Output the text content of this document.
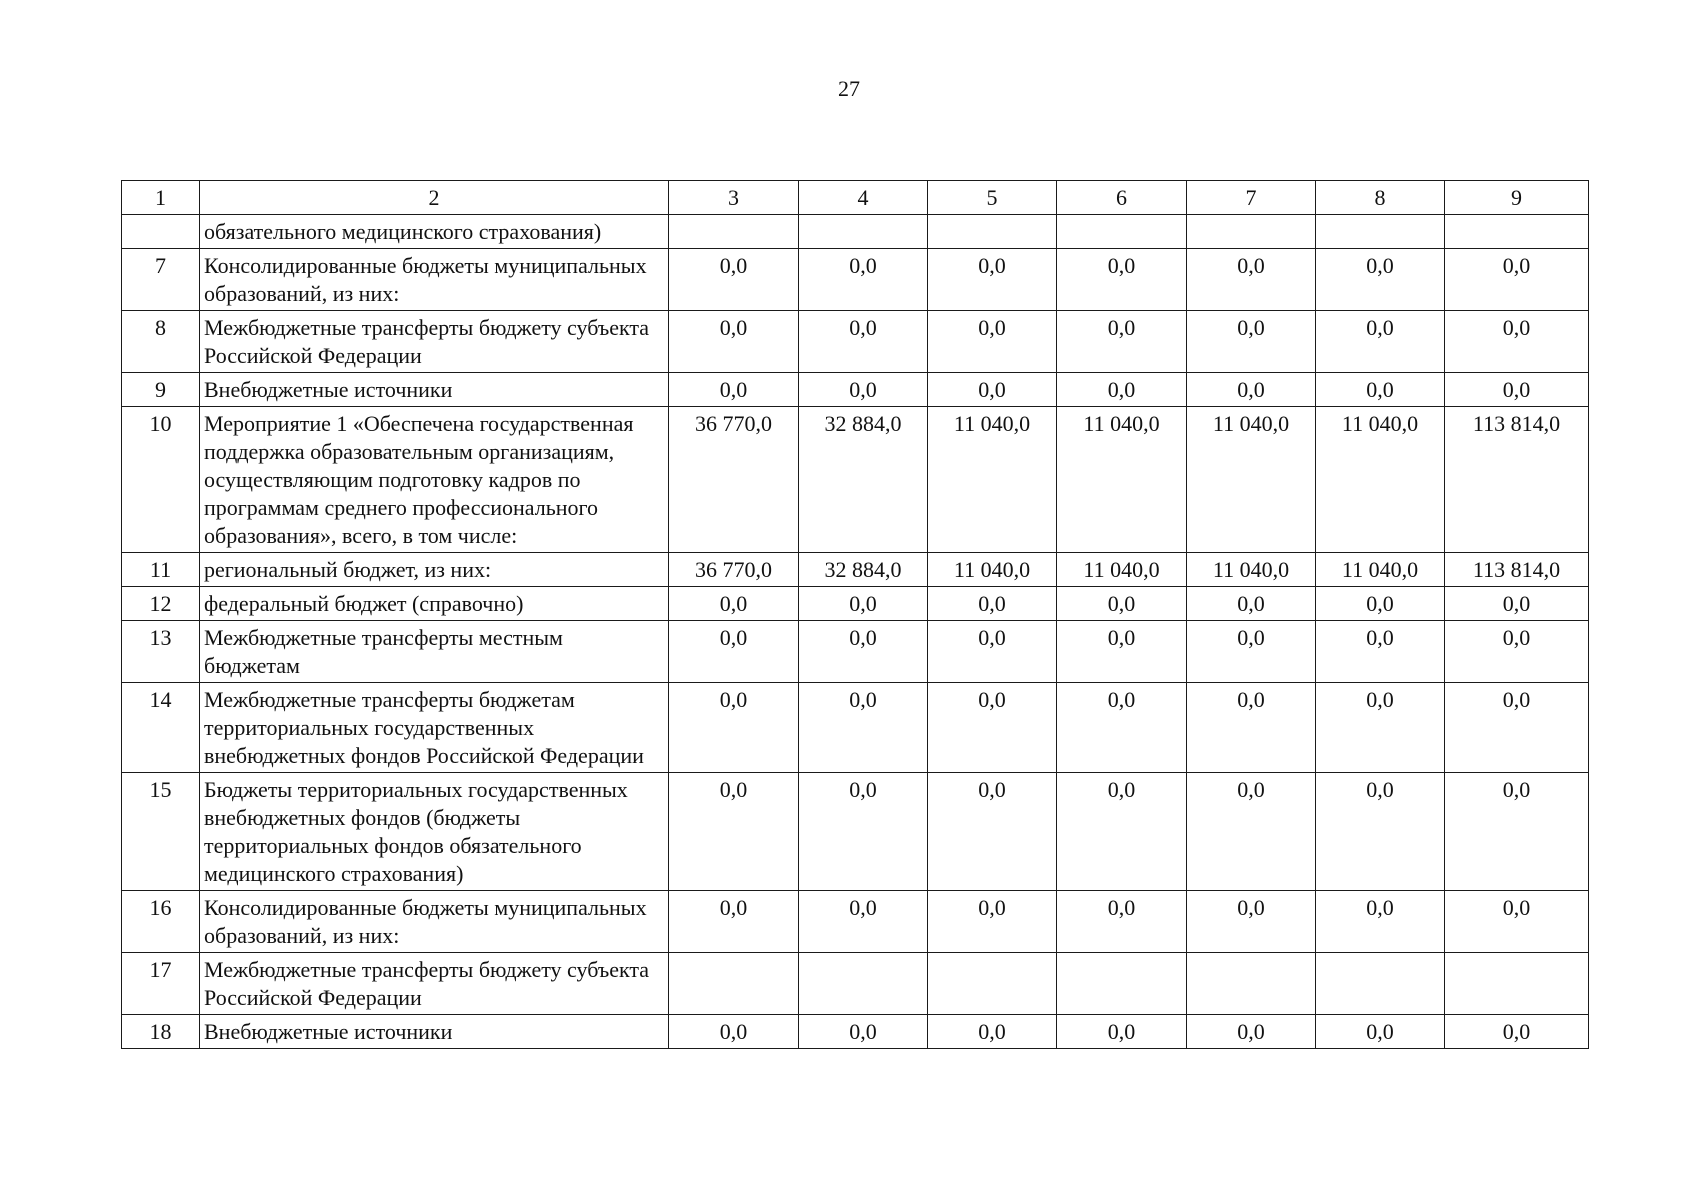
27
1	2	3	4	5	6	7	8	9
	обязательного медицинского страхования)							
7	Консолидированные бюджеты муниципальных образований, из них:	0,0	0,0	0,0	0,0	0,0	0,0	0,0
8	Межбюджетные трансферты бюджету субъекта Российской Федерации	0,0	0,0	0,0	0,0	0,0	0,0	0,0
9	Внебюджетные источники	0,0	0,0	0,0	0,0	0,0	0,0	0,0
10	Мероприятие 1 «Обеспечена государственная поддержка образовательным организациям, осуществляющим подготовку кадров по программам среднего профессионального образования», всего, в том числе:	36 770,0	32 884,0	11 040,0	11 040,0	11 040,0	11 040,0	113 814,0
11	региональный бюджет, из них:	36 770,0	32 884,0	11 040,0	11 040,0	11 040,0	11 040,0	113 814,0
12	федеральный бюджет (справочно)	0,0	0,0	0,0	0,0	0,0	0,0	0,0
13	Межбюджетные трансферты местным бюджетам	0,0	0,0	0,0	0,0	0,0	0,0	0,0
14	Межбюджетные трансферты бюджетам территориальных государственных внебюджетных фондов Российской Федерации	0,0	0,0	0,0	0,0	0,0	0,0	0,0
15	Бюджеты территориальных государственных внебюджетных фондов (бюджеты территориальных фондов обязательного медицинского страхования)	0,0	0,0	0,0	0,0	0,0	0,0	0,0
16	Консолидированные бюджеты муниципальных образований, из них:	0,0	0,0	0,0	0,0	0,0	0,0	0,0
17	Межбюджетные трансферты бюджету субъекта Российской Федерации							
18	Внебюджетные источники	0,0	0,0	0,0	0,0	0,0	0,0	0,0
